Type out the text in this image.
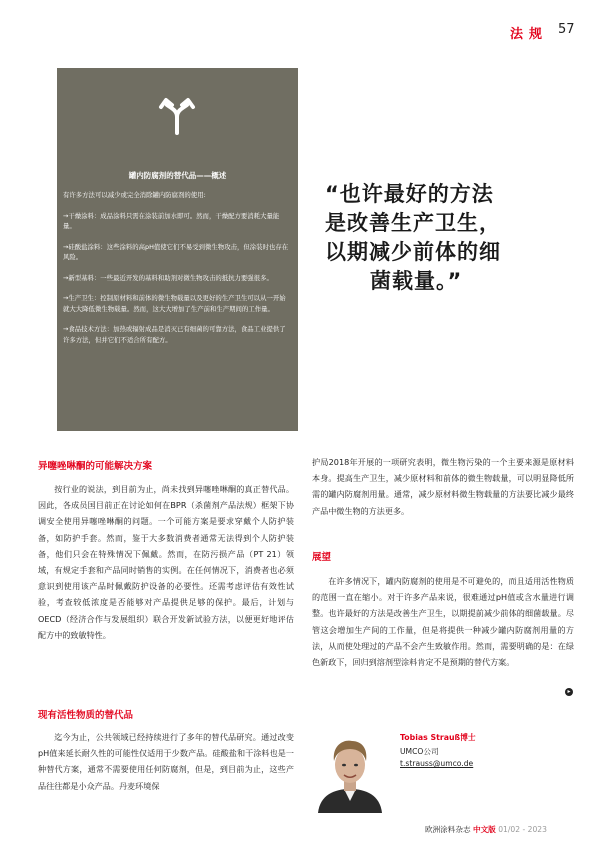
法规 57
罐内防腐剂的替代品——概述

有许多方法可以减少或完全消除罐内防腐剂的使用:

→干燥涂料：成品涂料只需在涂装前加水即可。然而，干燥配方要消耗大量能量。

→硅酸盐涂料：这些涂料的高pH值使它们不易受到微生物攻击，但涂装时也存在风险。

→新型基料：一些最近开发的基料和助剂对微生物攻击的抵抗力要强很多。

→生产卫生：控制原材料和前体的微生物载量以及更好的生产卫生可以从一开始就大大降低微生物载量。然而，这大大增加了生产前和生产期间的工作量。

→食品技术方法：加热或辐射成品是消灭已有细菌的可靠方法，食品工业提供了许多方法，但并它们不适合所有配方。

“也许最好的方法
是改善生产卫生，
以期减少前体的细
菌载量。”
异噻唑啉酮的可能解决方案

按行业的说法，到目前为止，尚未找到异噻唑啉酮的真正替代品。因此，各成员国目前正在讨论如何在BPR（杀菌剂产品法规）框架下协调安全使用异噻唑啉酮的问题。一个可能方案是要求穿戴个人防护装备，如防护手套。然而，鉴于大多数消费者通常无法得到个人防护装备，他们只会在特殊情况下佩戴。然而，在防污损产品（PT 21）领域，有规定手套和产品同时销售的实例。在任何情况下，消费者也必须意识到使用该产品时佩戴防护设备的必要性。还需考虑评估有效性试验，考查较低浓度是否能够对产品提供足够的保护。最后，计划与OECD（经济合作与发展组织）联合开发新试验方法，以便更好地评估配方中的致敏特性。

现有活性物质的替代品

迄今为止，公共领域已经持续进行了多年的替代品研究。通过改变pH值来延长耐久性的可能性仅适用于少数产品。硅酸盐和干涂料也是一种替代方案，通常不需要使用任何防腐剂，但是，到目前为止，这些产品往往都是小众产品。丹麦环境保

护局2018年开展的一项研究表明，微生物污染的一个主要来源是原材料本身。提高生产卫生，减少原材料和前体的微生物载量，可以明显降低所需的罐内防腐剂用量。通常，减少原材料微生物载量的方法要比减少最终产品中微生物的方法更多。

展望

在许多情况下，罐内防腐剂的使用是不可避免的，而且适用活性物质的范围一直在缩小。对于许多产品来说，很难通过pH值或含水量进行调整。也许最好的方法是改善生产卫生，以期提前减少前体的细菌载量。尽管这会增加生产间的工作量，但是将提供一种减少罐内防腐剂用量的方法，从而使处理过的产品不会产生致敏作用。然而，需要明确的是：在绿色新政下，回归到溶剂型涂料肯定不是预期的替代方案。

▸
Tobias Strauß博士
UMCO公司
t.strauss@umco.de
欧洲涂料杂志 中文版 01/02 - 2023
